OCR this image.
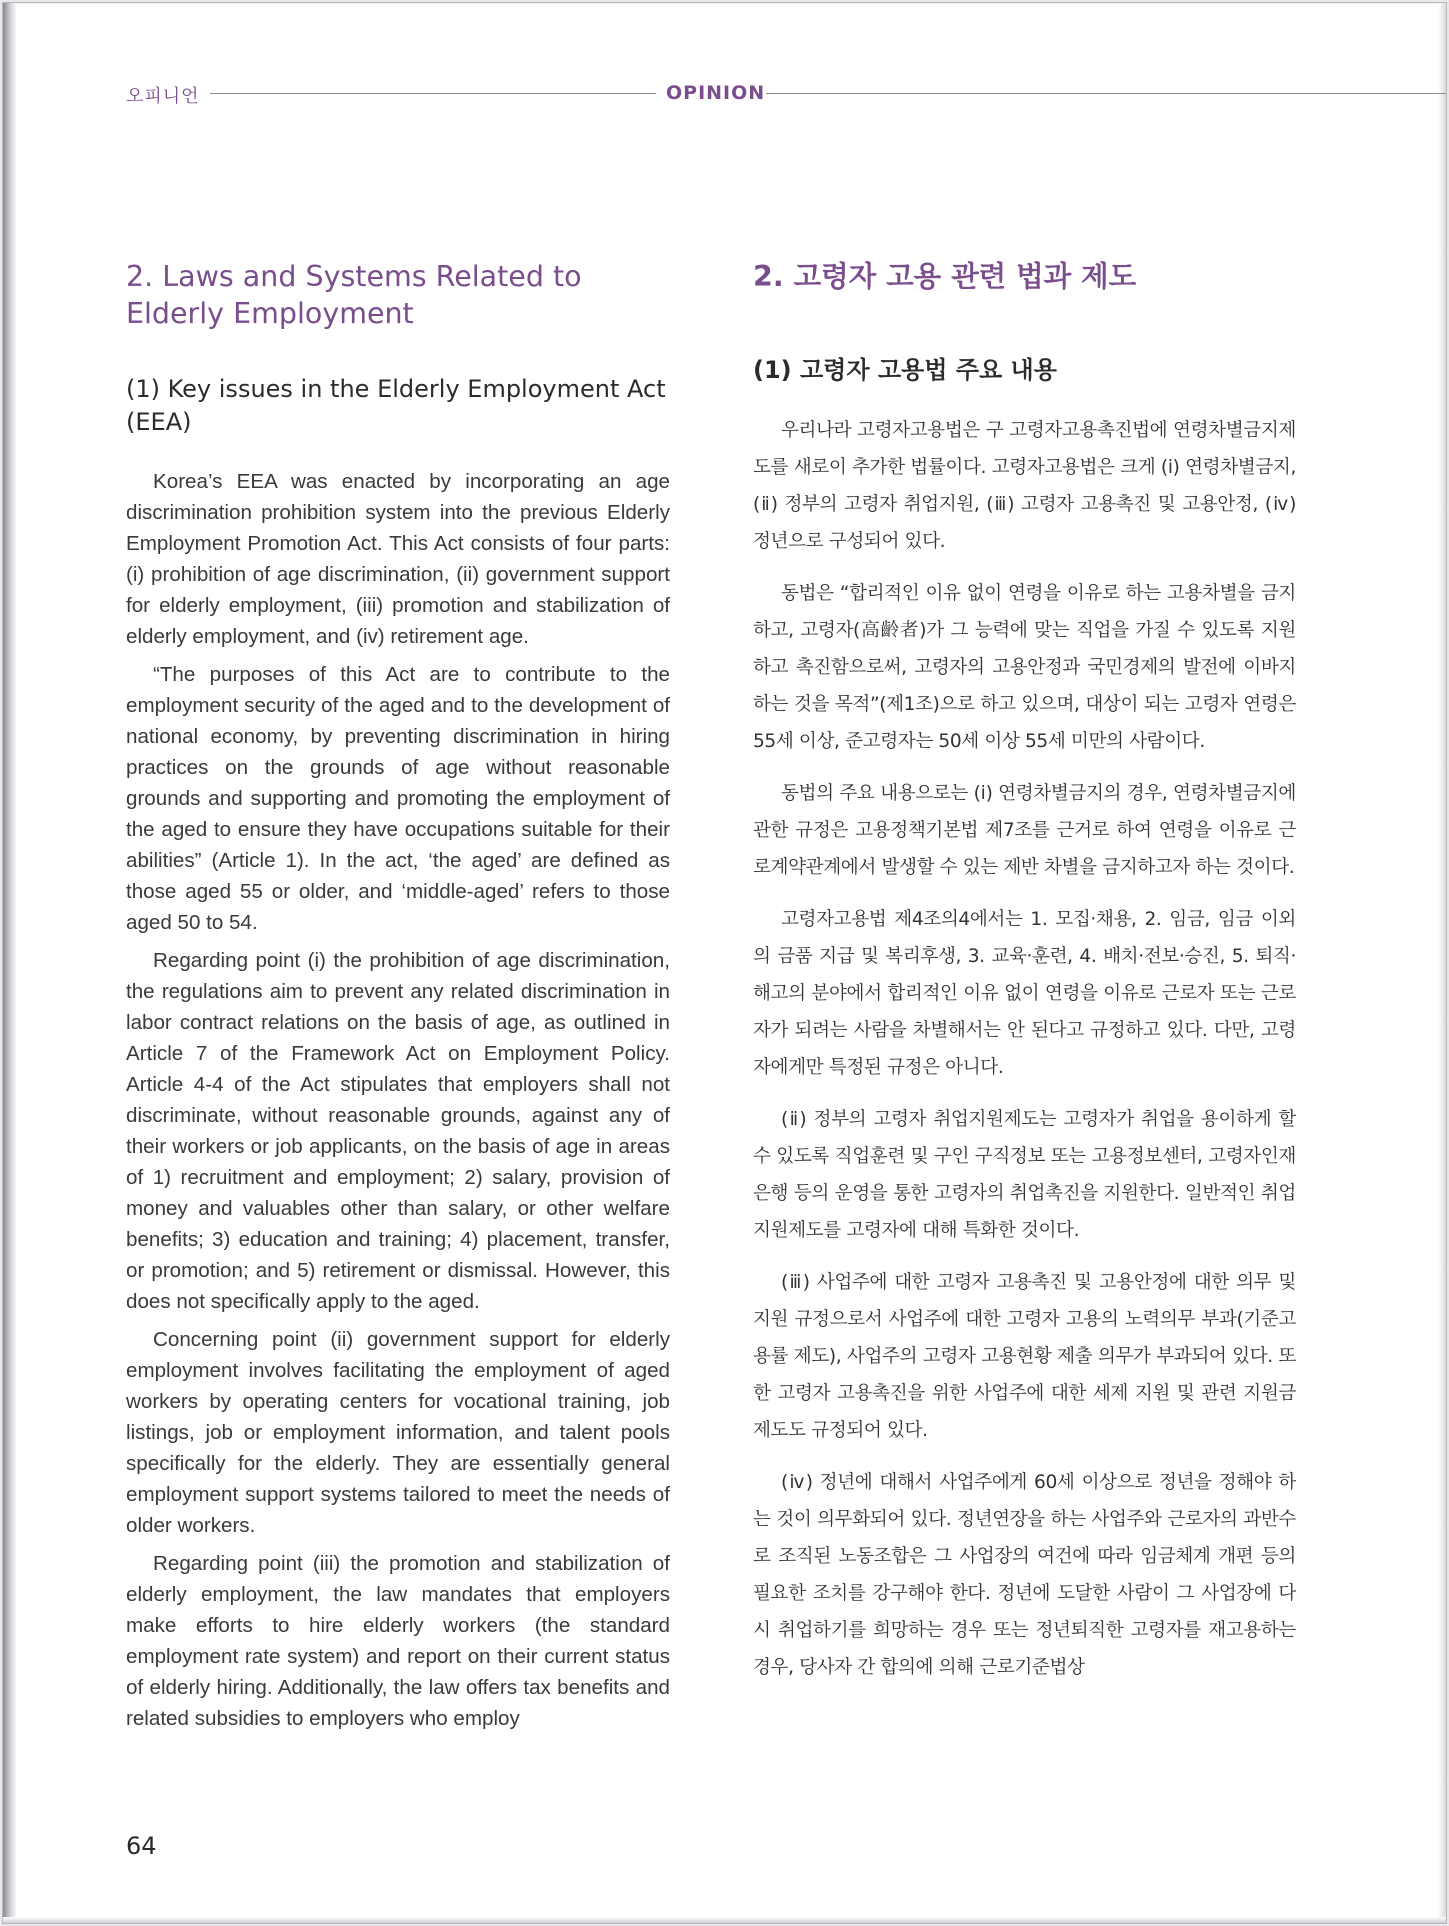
오피니언	OPINION
2. Laws and Systems Related to Elderly Employment
(1) Key issues in the Elderly Employment Act (EEA)

Korea’s EEA was enacted by incorporating an age discrimination prohibition system into the previous Elderly Employment Promotion Act. This Act consists of four parts: (i) prohibition of age discrimination, (ii) government support for elderly employment, (iii) promotion and stabilization of elderly employment, and (iv) retirement age.

“The purposes of this Act are to contribute to the employment security of the aged and to the development of national economy, by preventing discrimination in hiring practices on the grounds of age without reasonable grounds and supporting and promoting the employment of the aged to ensure they have occupations suitable for their abilities” (Article 1). In the act, ‘the aged’ are defined as those aged 55 or older, and ‘middle-aged’ refers to those aged 50 to 54.

Regarding point (i) the prohibition of age discrimination, the regulations aim to prevent any related discrimination in labor contract relations on the basis of age, as outlined in Article 7 of the Framework Act on Employment Policy. Article 4-4 of the Act stipulates that employers shall not discriminate, without reasonable grounds, against any of their workers or job applicants, on the basis of age in areas of 1) recruitment and employment; 2) salary, provision of money and valuables other than salary, or other welfare benefits; 3) education and training; 4) placement, transfer, or promotion; and 5) retirement or dismissal. However, this does not specifically apply to the aged.

Concerning point (ii) government support for elderly employment involves facilitating the employment of aged workers by operating centers for vocational training, job listings, job or employment information, and talent pools specifically for the elderly. They are essentially general employment support systems tailored to meet the needs of older workers.

Regarding point (iii) the promotion and stabilization of elderly employment, the law mandates that employers make efforts to hire elderly workers (the standard employment rate system) and report on their current status of elderly hiring. Additionally, the law offers tax benefits and related subsidies to employers who employ

2. 고령자 고용 관련 법과 제도
(1) 고령자 고용법 주요 내용

우리나라 고령자고용법은 구 고령자고용촉진법에 연령차별금지제도를 새로이 추가한 법률이다. 고령자고용법은 크게 (ⅰ) 연령차별금지, (ⅱ) 정부의 고령자 취업지원, (ⅲ) 고령자 고용촉진 및 고용안정, (ⅳ) 정년으로 구성되어 있다.

동법은 “합리적인 이유 없이 연령을 이유로 하는 고용차별을 금지하고, 고령자(高齡者)가 그 능력에 맞는 직업을 가질 수 있도록 지원하고 촉진함으로써, 고령자의 고용안정과 국민경제의 발전에 이바지하는 것을 목적”(제1조)으로 하고 있으며, 대상이 되는 고령자 연령은 55세 이상, 준고령자는 50세 이상 55세 미만의 사람이다.

동법의 주요 내용으로는 (ⅰ) 연령차별금지의 경우, 연령차별금지에 관한 규정은 고용정책기본법 제7조를 근거로 하여 연령을 이유로 근로계약관계에서 발생할 수 있는 제반 차별을 금지하고자 하는 것이다.

고령자고용법 제4조의4에서는 1. 모집·채용, 2. 임금, 임금 이외의 금품 지급 및 복리후생, 3. 교육·훈련, 4. 배치·전보·승진, 5. 퇴직·해고의 분야에서 합리적인 이유 없이 연령을 이유로 근로자 또는 근로자가 되려는 사람을 차별해서는 안 된다고 규정하고 있다. 다만, 고령자에게만 특정된 규정은 아니다.

(ⅱ) 정부의 고령자 취업지원제도는 고령자가 취업을 용이하게 할 수 있도록 직업훈련 및 구인 구직정보 또는 고용정보센터, 고령자인재은행 등의 운영을 통한 고령자의 취업촉진을 지원한다. 일반적인 취업지원제도를 고령자에 대해 특화한 것이다.

(ⅲ) 사업주에 대한 고령자 고용촉진 및 고용안정에 대한 의무 및 지원 규정으로서 사업주에 대한 고령자 고용의 노력의무 부과(기준고용률 제도), 사업주의 고령자 고용현황 제출 의무가 부과되어 있다. 또한 고령자 고용촉진을 위한 사업주에 대한 세제 지원 및 관련 지원금 제도도 규정되어 있다.

(ⅳ) 정년에 대해서 사업주에게 60세 이상으로 정년을 정해야 하는 것이 의무화되어 있다. 정년연장을 하는 사업주와 근로자의 과반수로 조직된 노동조합은 그 사업장의 여건에 따라 임금체계 개편 등의 필요한 조치를 강구해야 한다. 정년에 도달한 사람이 그 사업장에 다시 취업하기를 희망하는 경우 또는 정년퇴직한 고령자를 재고용하는 경우, 당사자 간 합의에 의해 근로기준법상

64
